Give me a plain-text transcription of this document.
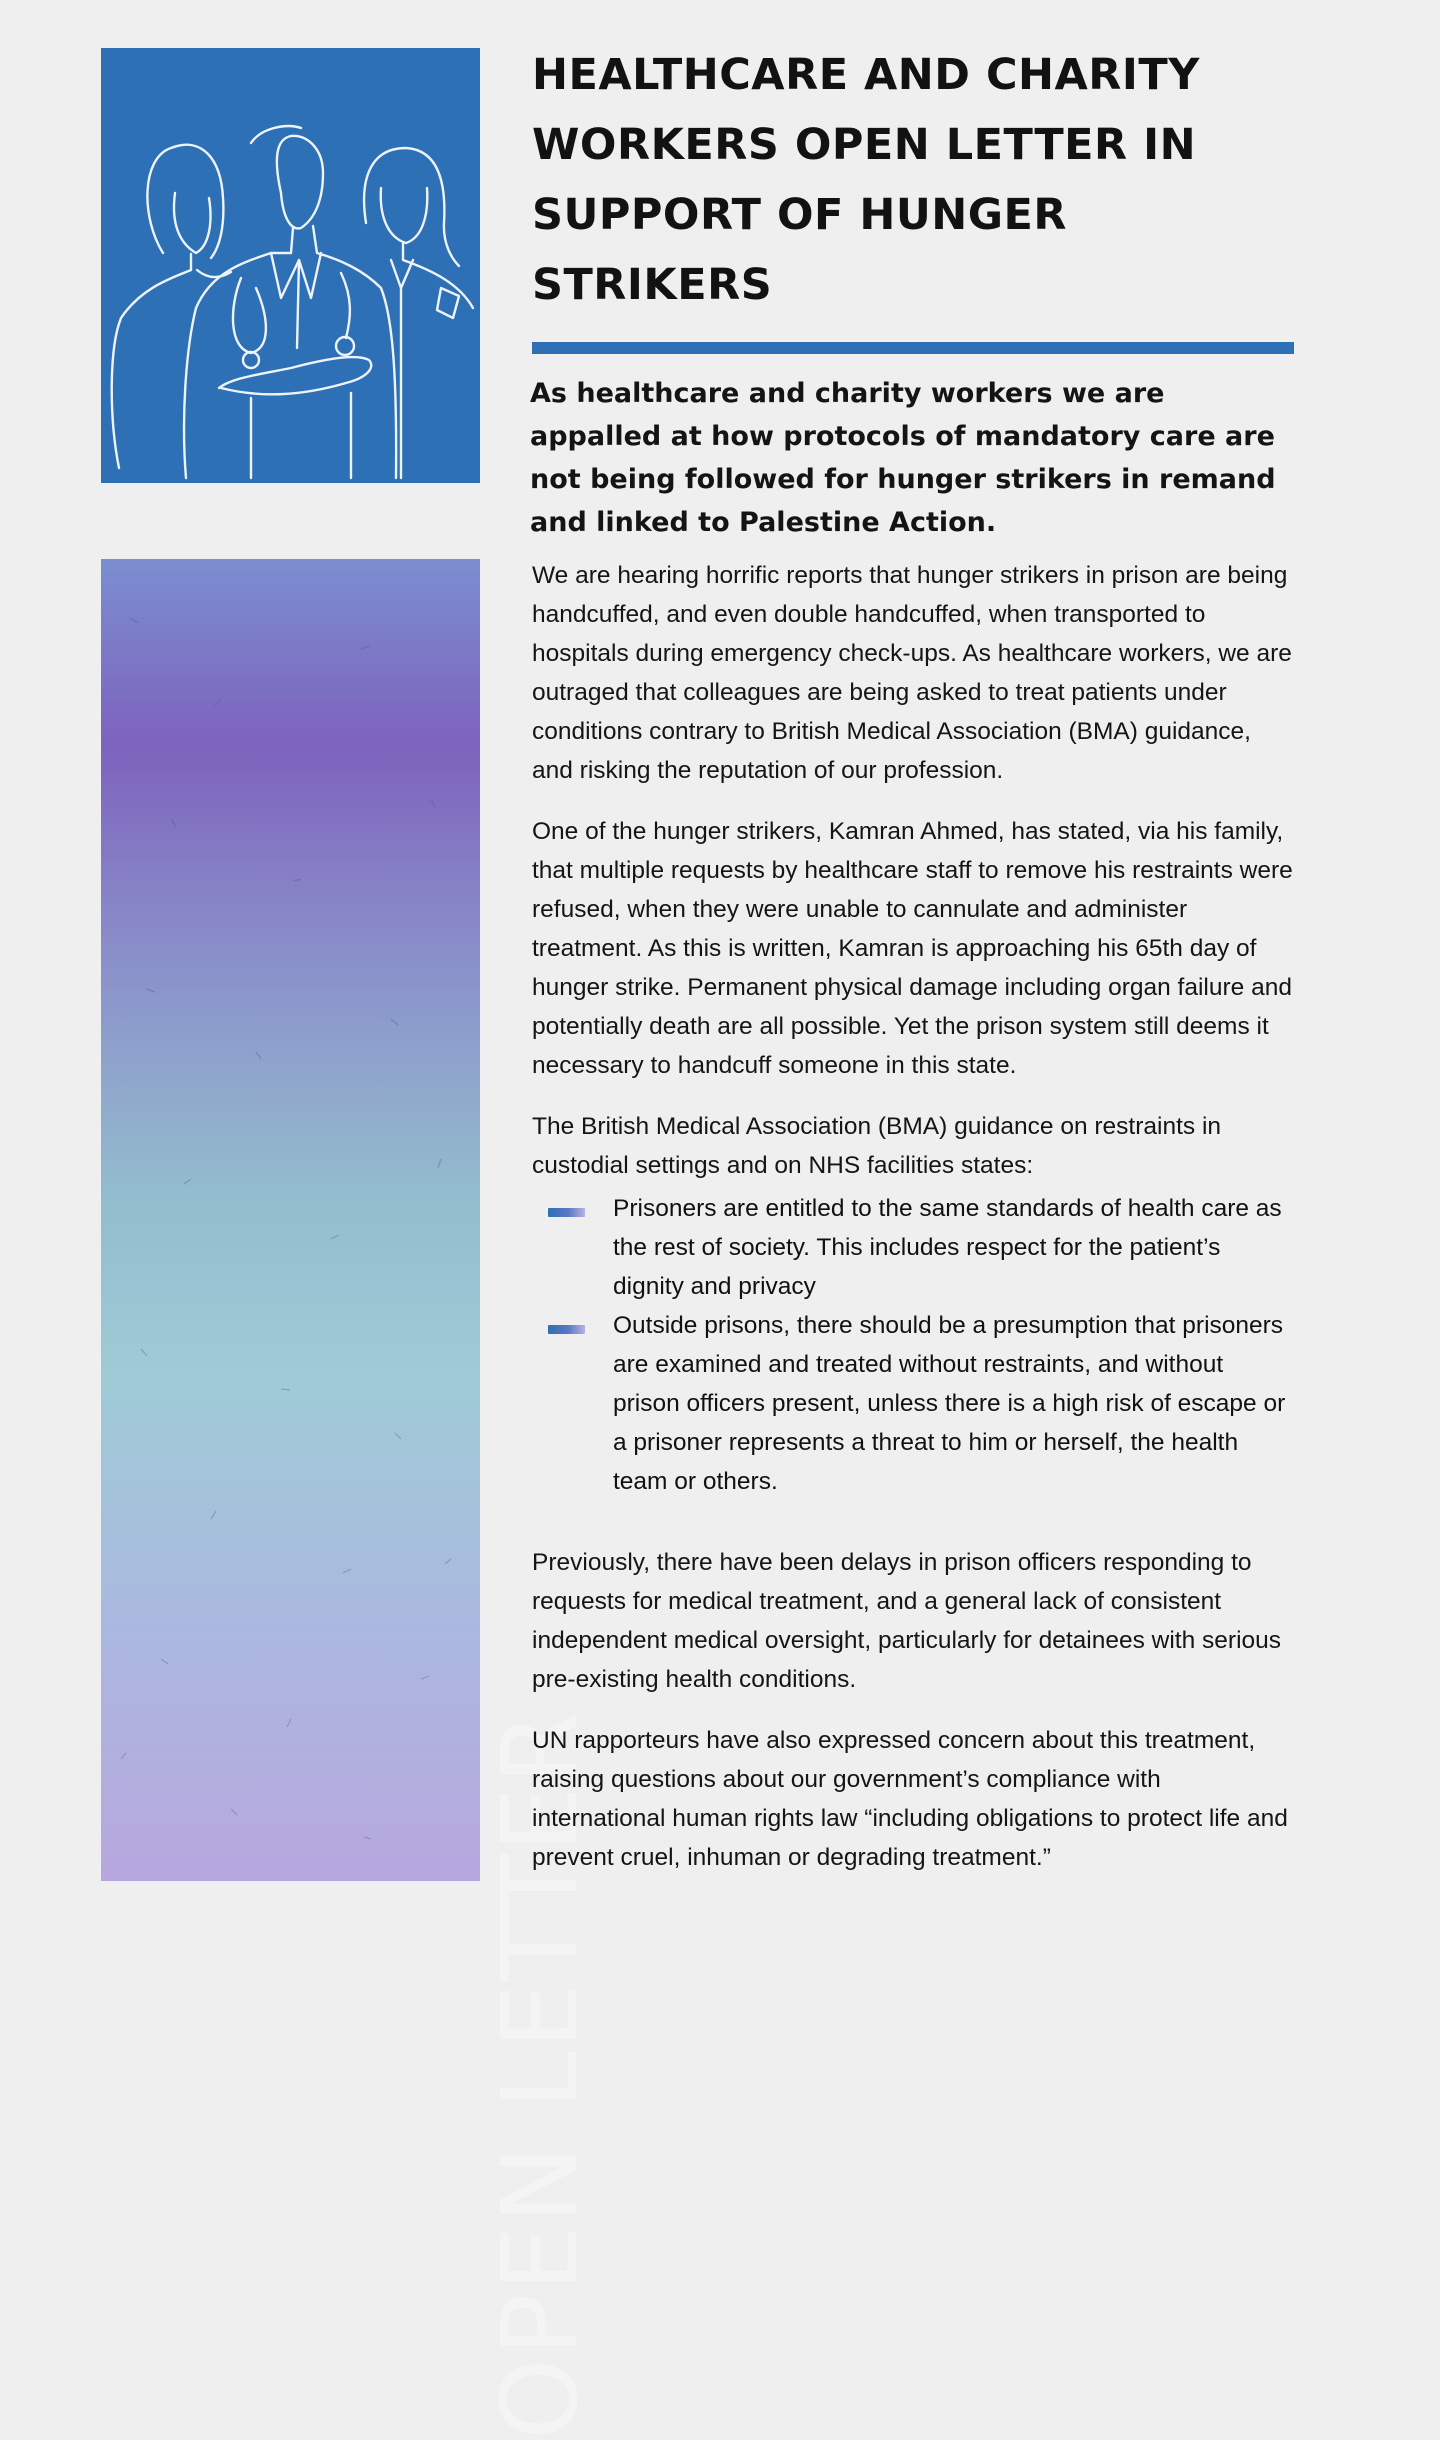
OPEN LETTER
HEALTHCARE AND CHARITY
WORKERS OPEN LETTER IN
SUPPORT OF HUNGER STRIKERS

As healthcare and charity workers we are appalled at how protocols of mandatory care are not being followed for hunger strikers in remand and linked to Palestine Action.

We are hearing horrific reports that hunger strikers in prison are being handcuffed, and even double handcuffed, when transported to hospitals during emergency check-ups. As healthcare workers, we are outraged that colleagues are being asked to treat patients under conditions contrary to British Medical Association (BMA) guidance, and risking the reputation of our profession.

One of the hunger strikers, Kamran Ahmed, has stated, via his family, that multiple requests by healthcare staff to remove his restraints were refused, when they were unable to cannulate and administer treatment. As this is written, Kamran is approaching his 65th day of hunger strike. Permanent physical damage including organ failure and potentially death are all possible. Yet the prison system still deems it necessary to handcuff someone in this state.

The British Medical Association (BMA) guidance on restraints in custodial settings and on NHS facilities states:

Prisoners are entitled to the same standards of health care as the rest of society. This includes respect for the patient’s dignity and privacy
Outside prisons, there should be a presumption that prisoners are examined and treated without restraints, and without prison officers present, unless there is a high risk of escape or a prisoner represents a threat to him or herself, the health team or others.

Previously, there have been delays in prison officers responding to requests for medical treatment, and a general lack of consistent independent medical oversight, particularly for detainees with serious pre-existing health conditions.

UN rapporteurs have also expressed concern about this treatment, raising questions about our government’s compliance with international human rights law “including obligations to protect life and prevent cruel, inhuman or degrading treatment.”
